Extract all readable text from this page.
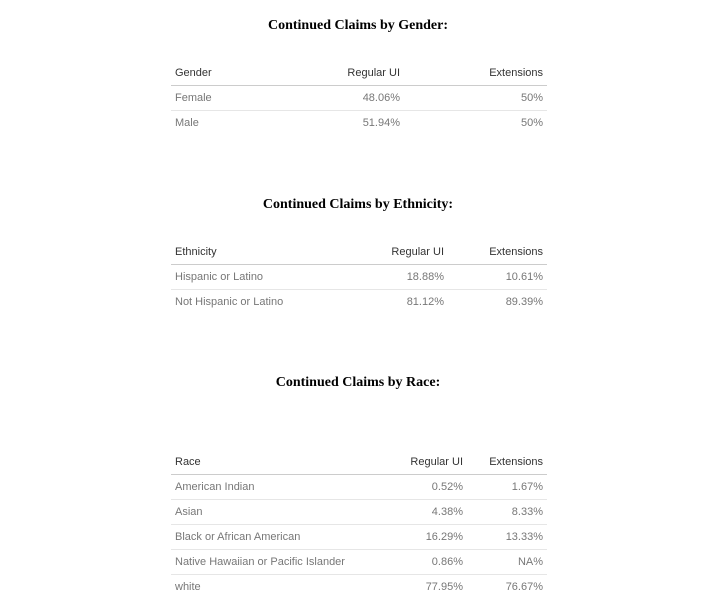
Continued Claims by Gender:
Gender	Regular UI	Extensions
Female	48.06%	50%
Male	51.94%	50%
Continued Claims by Ethnicity:
Ethnicity	Regular UI	Extensions
Hispanic or Latino	18.88%	10.61%
Not Hispanic or Latino	81.12%	89.39%
Continued Claims by Race:
Race	Regular UI	Extensions
American Indian	0.52%	1.67%
Asian	4.38%	8.33%
Black or African American	16.29%	13.33%
Native Hawaiian or Pacific Islander	0.86%	NA%
white	77.95%	76.67%
